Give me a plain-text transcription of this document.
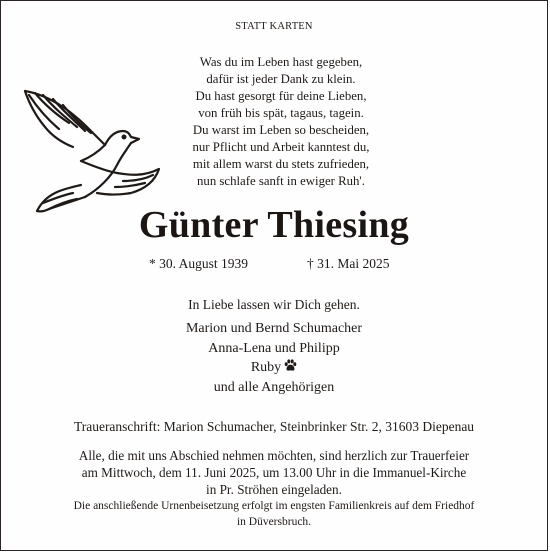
STATT KARTEN
Was du im Leben hast gegeben,
dafür ist jeder Dank zu klein.
Du hast gesorgt für deine Lieben,
von früh bis spät, tagaus, tagein.
Du warst im Leben so bescheiden,
nur Pflicht und Arbeit kanntest du,
mit allem warst du stets zufrieden,
nun schlafe sanft in ewiger Ruh'.
Günter Thiesing
* 30. August 1939	† 31. Mai 2025
In Liebe lassen wir Dich gehen.
Marion und Bernd Schumacher
Anna-Lena und Philipp
Ruby
und alle Angehörigen
Traueranschrift: Marion Schumacher, Steinbrinker Str. 2, 31603 Diepenau
Alle, die mit uns Abschied nehmen möchten, sind herzlich zur Trauerfeier
am Mittwoch, dem 11. Juni 2025, um 13.00 Uhr in die Immanuel-Kirche
in Pr. Ströhen eingeladen.
Die anschließende Urnenbeisetzung erfolgt im engsten Familienkreis auf dem Friedhof
in Düversbruch.
